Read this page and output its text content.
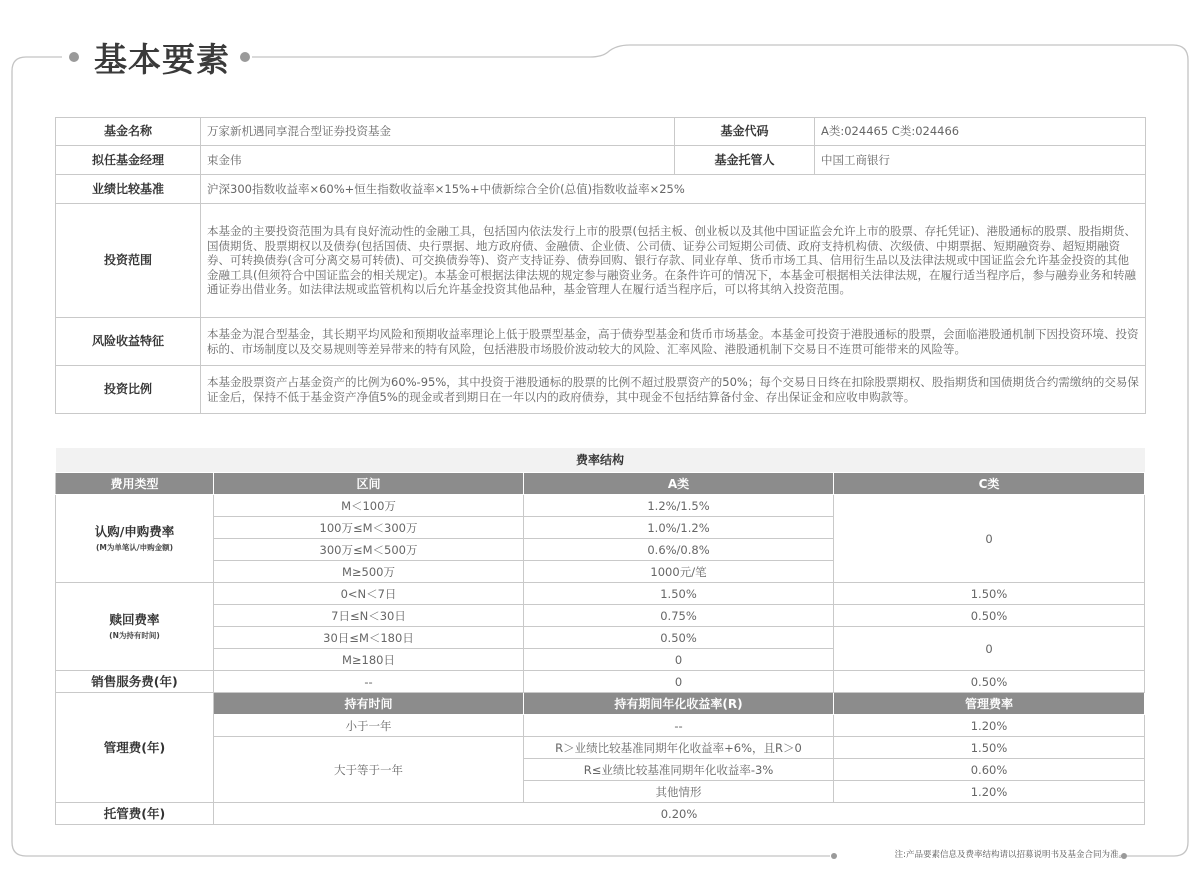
基本要素
基金名称	万家新机遇同享混合型证券投资基金	基金代码	A类:024465 C类:024466
拟任基金经理	束金伟	基金托管人	中国工商银行
业绩比较基准	沪深300指数收益率×60%+恒生指数收益率×15%+中债新综合全价(总值)指数收益率×25%		
投资范围	本基金的主要投资范围为具有良好流动性的金融工具，包括国内依法发行上市的股票(包括主板、创业板以及其他中国证监会允许上市的股票、存托凭证)、港股通标的股票、股指期货、国债期货、股票期权以及债券(包括国债、央行票据、地方政府债、金融债、企业债、公司债、证券公司短期公司债、政府支持机构债、次级债、中期票据、短期融资券、超短期融资券、可转换债券(含可分离交易可转债)、可交换债券等)、资产支持证券、债券回购、银行存款、同业存单、货币市场工具、信用衍生品以及法律法规或中国证监会允许基金投资的其他金融工具(但须符合中国证监会的相关规定)。本基金可根据法律法规的规定参与融资业务。在条件许可的情况下，本基金可根据相关法律法规，在履行适当程序后，参与融券业务和转融通证券出借业务。如法律法规或监管机构以后允许基金投资其他品种，基金管理人在履行适当程序后，可以将其纳入投资范围。		
风险收益特征	本基金为混合型基金，其长期平均风险和预期收益率理论上低于股票型基金，高于债券型基金和货币市场基金。本基金可投资于港股通标的股票，会面临港股通机制下因投资环境、投资标的、市场制度以及交易规则等差异带来的特有风险，包括港股市场股价波动较大的风险、汇率风险、港股通机制下交易日不连贯可能带来的风险等。		
投资比例	本基金股票资产占基金资产的比例为60%-95%，其中投资于港股通标的股票的比例不超过股票资产的50%；每个交易日日终在扣除股票期权、股指期货和国债期货合约需缴纳的交易保证金后，保持不低于基金资产净值5%的现金或者到期日在一年以内的政府债券，其中现金不包括结算备付金、存出保证金和应收申购款等。		
费率结构			
费用类型	区间	A类	C类
认购/申购费率
(M为单笔认/申购金额)	M＜100万	1.2%/1.5%	0
	100万≤M＜300万	1.0%/1.2%	
	300万≤M＜500万	0.6%/0.8%	
	M≥500万	1000元/笔	
赎回费率
(N为持有时间)	0<N＜7日	1.50%	1.50%
	7日≤N＜30日	0.75%	0.50%
	30日≤M＜180日	0.50%	0
	M≥180日	0	
销售服务费(年)	--	0	0.50%
管理费(年)	持有时间	持有期间年化收益率(R)	管理费率
	小于一年	--	1.20%
	大于等于一年	R＞业绩比较基准同期年化收益率+6%，且R＞0	1.50%
		R≤业绩比较基准同期年化收益率-3%	0.60%
		其他情形	1.20%
托管费(年)	0.20%		

注:产品要素信息及费率结构请以招募说明书及基金合同为准。
